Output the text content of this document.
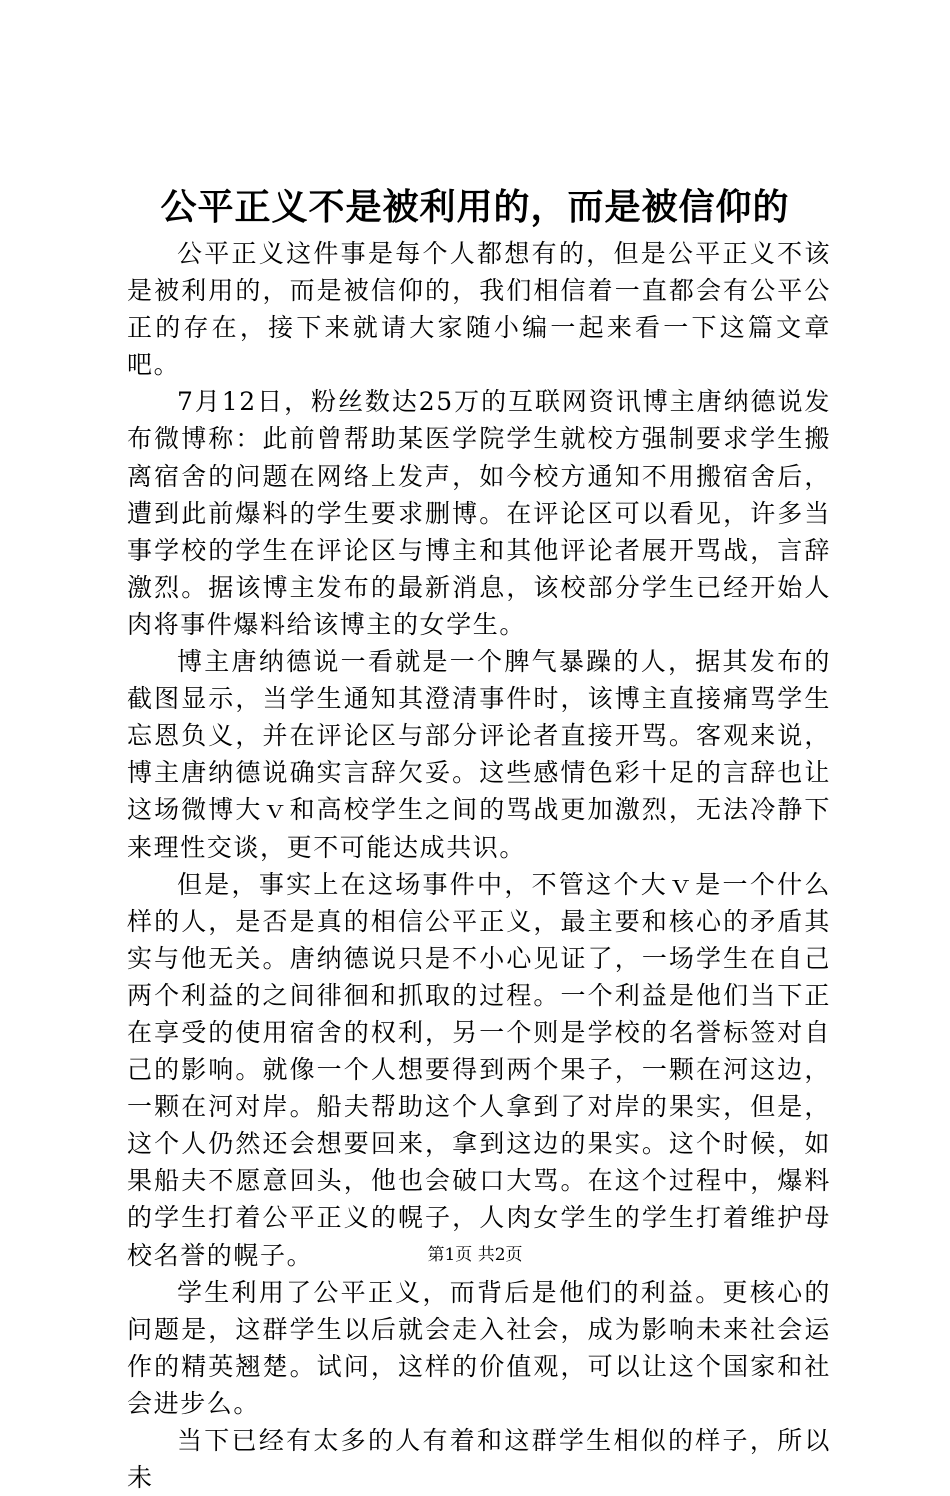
公平正义不是被利用的，而是被信仰的

公平正义这件事是每个人都想有的，但是公平正义不该是被利用的，而是被信仰的，我们相信着一直都会有公平公正的存在，接下来就请大家随小编一起来看一下这篇文章吧。

7月12日，粉丝数达25万的互联网资讯博主唐纳德说发布微博称：此前曾帮助某医学院学生就校方强制要求学生搬离宿舍的问题在网络上发声，如今校方通知不用搬宿舍后，遭到此前爆料的学生要求删博。在评论区可以看见，许多当事学校的学生在评论区与博主和其他评论者展开骂战，言辞激烈。据该博主发布的最新消息，该校部分学生已经开始人肉将事件爆料给该博主的女学生。

博主唐纳德说一看就是一个脾气暴躁的人，据其发布的截图显示，当学生通知其澄清事件时，该博主直接痛骂学生忘恩负义，并在评论区与部分评论者直接开骂。客观来说，博主唐纳德说确实言辞欠妥。这些感情色彩十足的言辞也让这场微博大ｖ和高校学生之间的骂战更加激烈，无法冷静下来理性交谈，更不可能达成共识。

但是，事实上在这场事件中，不管这个大ｖ是一个什么样的人，是否是真的相信公平正义，最主要和核心的矛盾其实与他无关。唐纳德说只是不小心见证了，一场学生在自己两个利益的之间徘徊和抓取的过程。一个利益是他们当下正在享受的使用宿舍的权利，另一个则是学校的名誉标签对自己的影响。就像一个人想要得到两个果子，一颗在河这边，一颗在河对岸。船夫帮助这个人拿到了对岸的果实，但是，这个人仍然还会想要回来，拿到这边的果实。这个时候，如果船夫不愿意回头，他也会破口大骂。在这个过程中，爆料的学生打着公平正义的幌子，人肉女学生的学生打着维护母校名誉的幌子。

学生利用了公平正义，而背后是他们的利益。更核心的问题是，这群学生以后就会走入社会，成为影响未来社会运作的精英翘楚。试问，这样的价值观，可以让这个国家和社会进步么。

当下已经有太多的人有着和这群学生相似的样子，所以未

第1页 共2页
